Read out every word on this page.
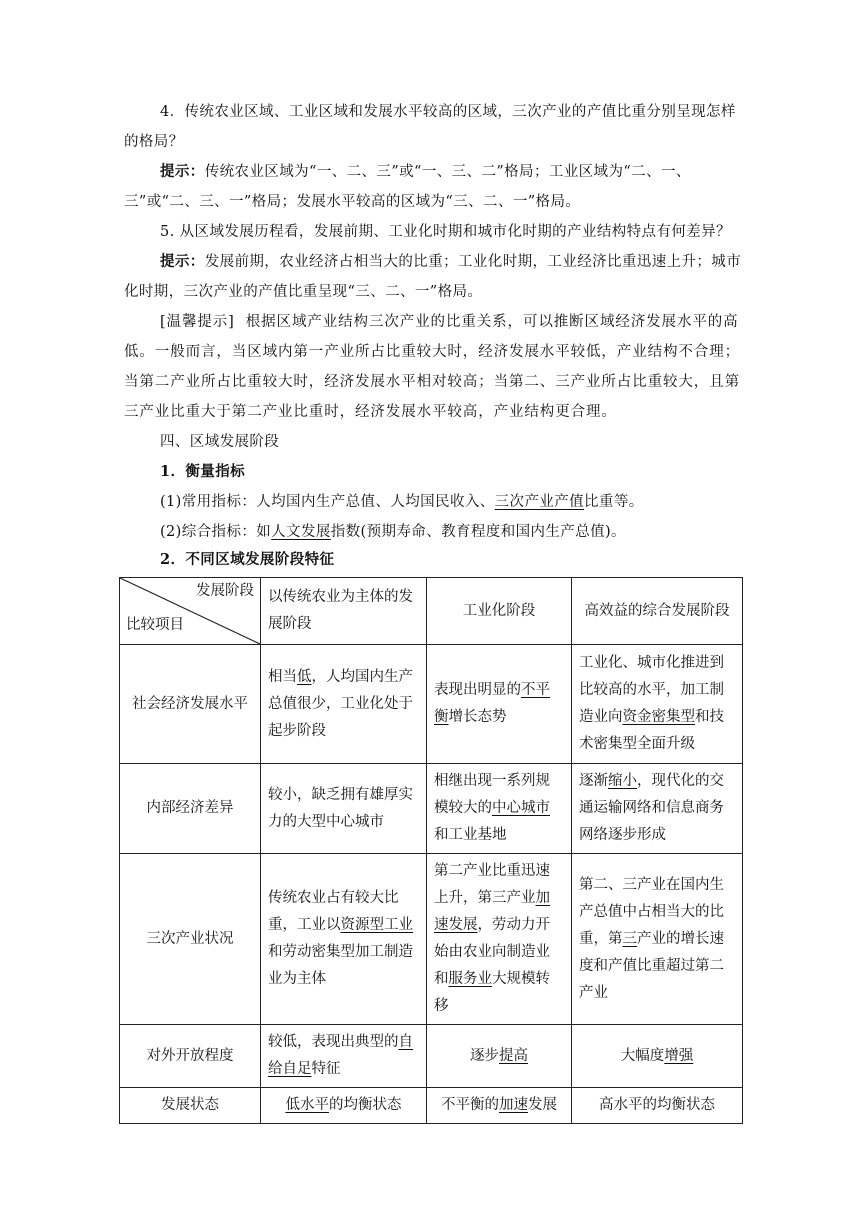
4．传统农业区域、工业区域和发展水平较高的区域，三次产业的产值比重分别呈现怎样的格局？
提示：传统农业区域为“一、二、三”或“一、三、二”格局；工业区域为“二、一、三”或“二、三、一”格局；发展水平较高的区域为“三、二、一”格局。
5. 从区域发展历程看，发展前期、工业化时期和城市化时期的产业结构特点有何差异？
提示：发展前期，农业经济占相当大的比重；工业化时期，工业经济比重迅速上升；城市化时期，三次产业的产值比重呈现“三、二、一”格局。
[温馨提示] 根据区域产业结构三次产业的比重关系，可以推断区域经济发展水平的高低。一般而言，当区域内第一产业所占比重较大时，经济发展水平较低，产业结构不合理；当第二产业所占比重较大时，经济发展水平相对较高；当第二、三产业所占比重较大，且第三产业比重大于第二产业比重时，经济发展水平较高，产业结构更合理。
四、区域发展阶段
1．衡量指标
(1)常用指标：人均国内生产总值、人均国民收入、三次产业产值比重等。
(2)综合指标：如人文发展指数(预期寿命、教育程度和国内生产总值)。
2．不同区域发展阶段特征
发展阶段
比较项目	以传统农业为主体的发展阶段	工业化阶段	高效益的综合发展阶段
社会经济发展水平	相当低，人均国内生产总值很少，工业化处于起步阶段	表现出明显的不平衡增长态势	工业化、城市化推进到比较高的水平，加工制造业向资金密集型和技术密集型全面升级
内部经济差异	较小，缺乏拥有雄厚实力的大型中心城市	相继出现一系列规模较大的中心城市和工业基地	逐渐缩小，现代化的交通运输网络和信息商务网络逐步形成
三次产业状况	传统农业占有较大比重，工业以资源型工业和劳动密集型加工制造业为主体	第二产业比重迅速上升，第三产业加速发展，劳动力开始由农业向制造业和服务业大规模转移	第二、三产业在国内生产总值中占相当大的比重，第三产业的增长速度和产值比重超过第二产业
对外开放程度	较低，表现出典型的自给自足特征	逐步提高	大幅度增强
发展状态	低水平的均衡状态	不平衡的加速发展	高水平的均衡状态
